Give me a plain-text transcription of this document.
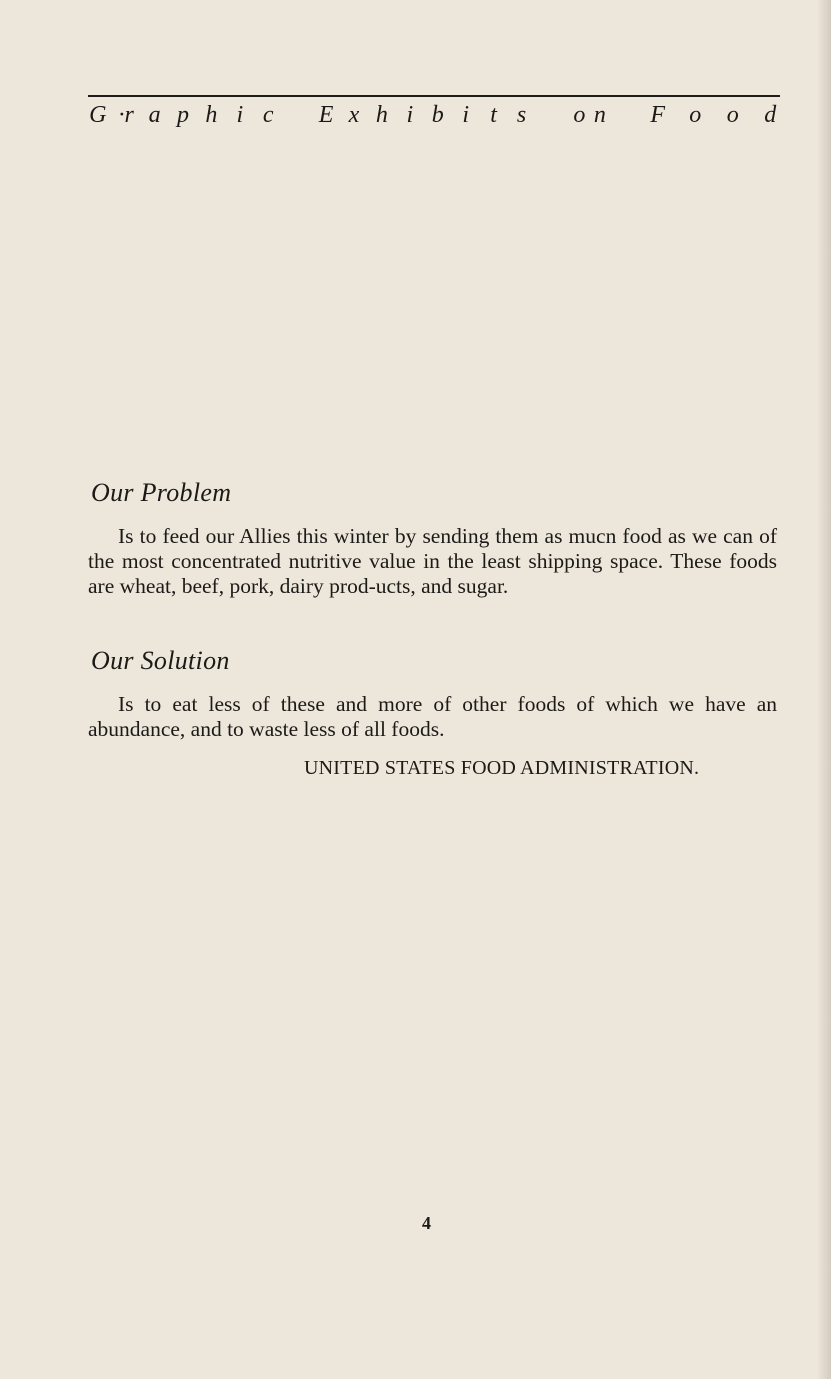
G ·r a p h i c E x h i b i t s o n F o o d
Our Problem

Is to feed our Allies this winter by sending them as mucn food as we can of the most concentrated nutritive value in the least shipping space. These foods are wheat, beef, pork, dairy prod-ucts, and sugar.

Our Solution

Is to eat less of these and more of other foods of which we have an abundance, and to waste less of all foods.

UNITED STATES FOOD ADMINISTRATION.
4
